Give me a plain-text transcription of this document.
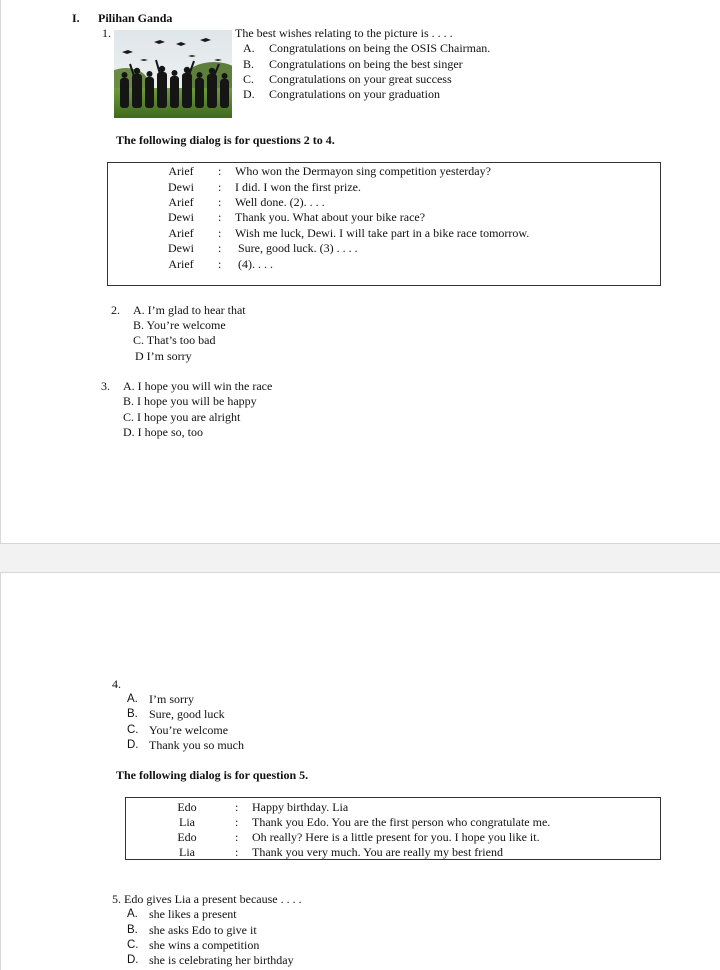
I. Pilihan Ganda
1.	The best wishes relating to the picture is . . . .
A. Congratulations on being the OSIS Chairman.
B. Congratulations on being the best singer
C. Congratulations on your great success
D. Congratulations on your graduation
The following dialog is for questions 2 to 4.
Arief	: Who won the Dermayon sing competition yesterday?
Dewi	: I did. I won the first prize.
Arief	: Well done. (2). . . .
Dewi	: Thank you. What about your bike race?
Arief	: Wish me luck, Dewi. I will take part in a bike race tomorrow.
Dewi	: Sure, good luck. (3) . . . .
Arief	: (4). . . .
2. A. I’m glad to hear that
B. You’re welcome
C. That’s too bad
D I’m sorry
3. A. I hope you will win the race
B. I hope you will be happy
C. I hope you are alright
D. I hope so, too
4.
A. I’m sorry
B. Sure, good luck
C. You’re welcome
D. Thank you so much
The following dialog is for question 5.
Edo	: Happy birthday. Lia
Lia	: Thank you Edo. You are the first person who congratulate me.
Edo	: Oh really? Here is a little present for you. I hope you like it.
Lia	: Thank you very much. You are really my best friend
5. Edo gives Lia a present because . . . .
A. she likes a present
B. she asks Edo to give it
C. she wins a competition
D. she is celebrating her birthday
